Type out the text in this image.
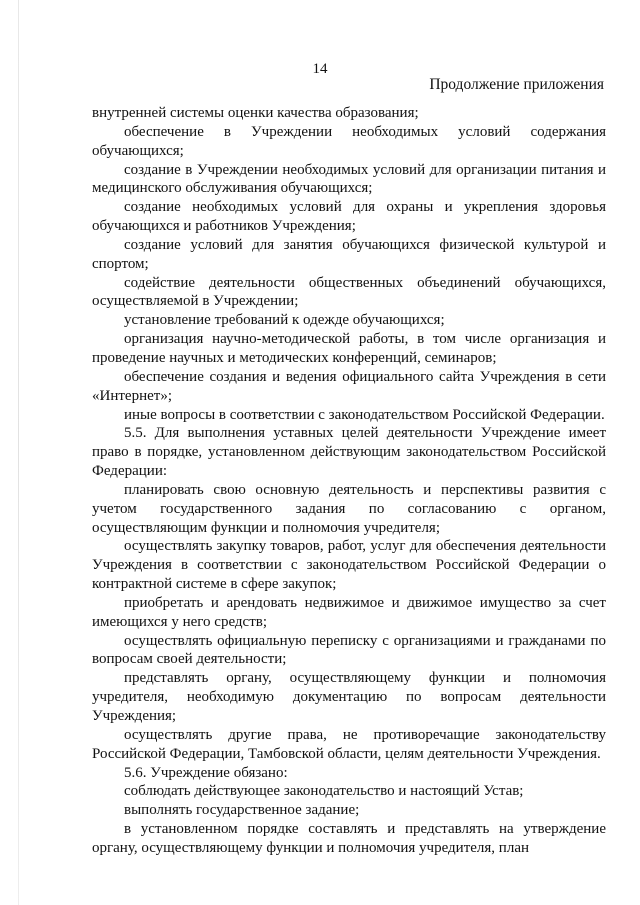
14
Продолжение приложения

внутренней системы оценки качества образования;

обеспечение в Учреждении необходимых условий содержания обучающихся;

создание в Учреждении необходимых условий для организации питания и медицинского обслуживания обучающихся;

создание необходимых условий для охраны и укрепления здоровья обучающихся и работников Учреждения;

создание условий для занятия обучающихся физической культурой и спортом;

содействие деятельности общественных объединений обучающихся, осуществляемой в Учреждении;

установление требований к одежде обучающихся;

организация научно-методической работы, в том числе организация и проведение научных и методических конференций, семинаров;

обеспечение создания и ведения официального сайта Учреждения в сети «Интернет»;

иные вопросы в соответствии с законодательством Российской Федерации.

5.5. Для выполнения уставных целей деятельности Учреждение имеет право в порядке, установленном действующим законодательством Российской Федерации:

планировать свою основную деятельность и перспективы развития с учетом государственного задания по согласованию с органом, осуществляющим функции и полномочия учредителя;

осуществлять закупку товаров, работ, услуг для обеспечения деятельности Учреждения в соответствии с законодательством Российской Федерации о контрактной системе в сфере закупок;

приобретать и арендовать недвижимое и движимое имущество за счет имеющихся у него средств;

осуществлять официальную переписку с организациями и гражданами по вопросам своей деятельности;

представлять органу, осуществляющему функции и полномочия учредителя, необходимую документацию по вопросам деятельности Учреждения;

осуществлять другие права, не противоречащие законодательству Российской Федерации, Тамбовской области, целям деятельности Учреждения.

5.6. Учреждение обязано:

соблюдать действующее законодательство и настоящий Устав;

выполнять государственное задание;

в установленном порядке составлять и представлять на утверждение органу, осуществляющему функции и полномочия учредителя, план
